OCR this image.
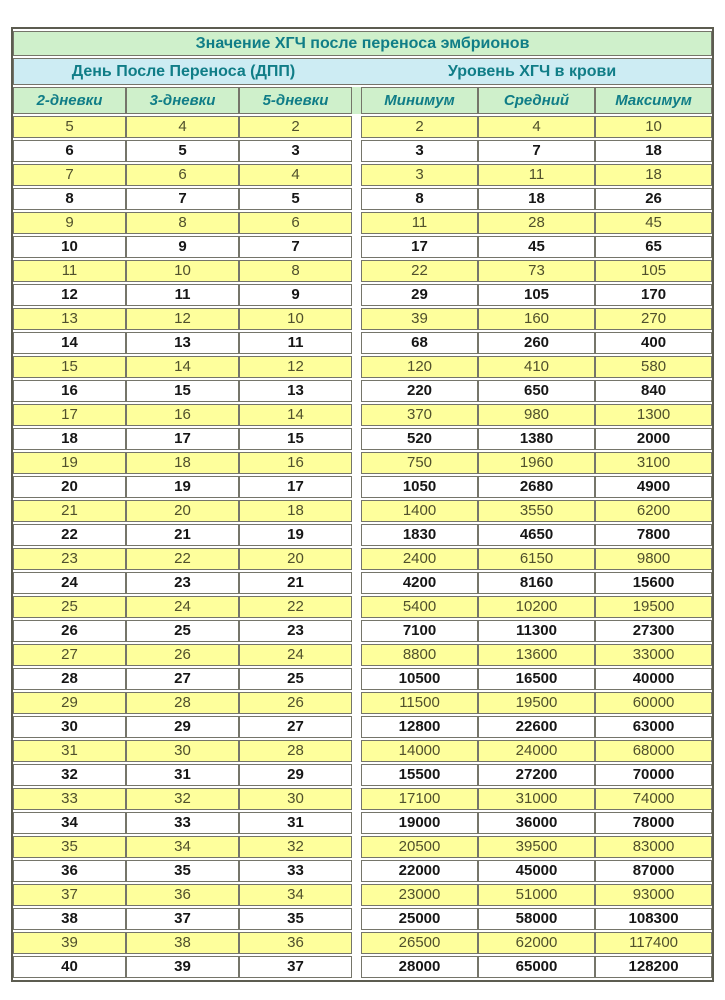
Значение ХГЧ после переноса эмбрионов						

День После Переноса (ДПП) Уровень ХГЧ в крови						

2-дневки	3-дневки	5-дневки		Минимум	Средний	Максимум
5	4	2		2	4	10
6	5	3		3	7	18
7	6	4		3	11	18
8	7	5		8	18	26
9	8	6		11	28	45
10	9	7		17	45	65
11	10	8		22	73	105
12	11	9		29	105	170
13	12	10		39	160	270
14	13	11		68	260	400
15	14	12		120	410	580
16	15	13		220	650	840
17	16	14		370	980	1300
18	17	15		520	1380	2000
19	18	16		750	1960	3100
20	19	17		1050	2680	4900
21	20	18		1400	3550	6200
22	21	19		1830	4650	7800
23	22	20		2400	6150	9800
24	23	21		4200	8160	15600
25	24	22		5400	10200	19500
26	25	23		7100	11300	27300
27	26	24		8800	13600	33000
28	27	25		10500	16500	40000
29	28	26		11500	19500	60000
30	29	27		12800	22600	63000
31	30	28		14000	24000	68000
32	31	29		15500	27200	70000
33	32	30		17100	31000	74000
34	33	31		19000	36000	78000
35	34	32		20500	39500	83000
36	35	33		22000	45000	87000
37	36	34		23000	51000	93000
38	37	35		25000	58000	108300
39	38	36		26500	62000	117400
40	39	37		28000	65000	128200
